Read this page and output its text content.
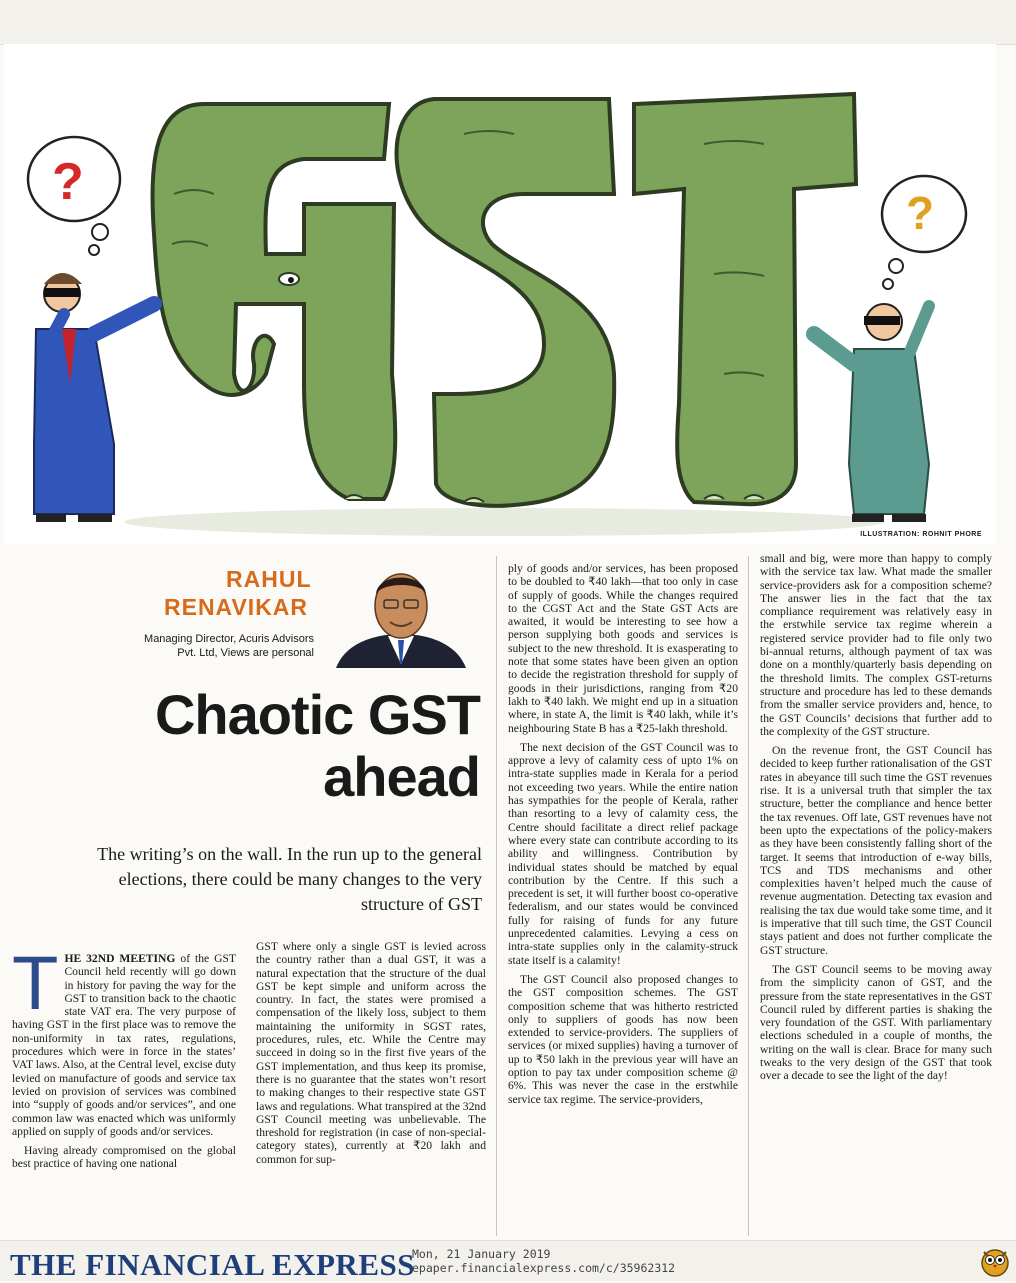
?
?
ILLUSTRATION: ROHNIT PHORE
RAHUL
RENAVIKAR
Managing Director, Acuris Advisors
Pvt. Ltd, Views are personal
Chaotic GST
ahead
The writing’s on the wall. In the run up to the general elections, there could be many changes to the very structure of GST

THE 32ND MEETING of the GST Council held recently will go down in history for paving the way for the GST to transition back to the chaotic state VAT era. The very purpose of having GST in the first place was to remove the non-uniformity in tax rates, regulations, procedures which were in force in the states’ VAT laws. Also, at the Central level, excise duty levied on manufacture of goods and service tax levied on provision of services was combined into “supply of goods and/or services”, and one common law was enacted which was uniformly applied on supply of goods and/or services.

Having already compromised on the global best practice of having one national

GST where only a single GST is levied across the country rather than a dual GST, it was a natural expectation that the structure of the dual GST be kept simple and uniform across the country. In fact, the states were promised a compensation of the likely loss, subject to them maintaining the uniformity in SGST rates, procedures, rules, etc. While the Centre may succeed in doing so in the first five years of the GST implementation, and thus keep its promise, there is no guarantee that the states won’t resort to making changes to their respective state GST laws and regulations. What transpired at the 32nd GST Council meeting was unbelievable. The threshold for registration (in case of non-special-category states), currently at ₹20 lakh and common for sup-

ply of goods and/or services, has been proposed to be doubled to ₹40 lakh—that too only in case of supply of goods. While the changes required to the CGST Act and the State GST Acts are awaited, it would be interesting to see how a person supplying both goods and services is subject to the new threshold. It is exasperating to note that some states have been given an option to decide the registration threshold for supply of goods in their jurisdictions, ranging from ₹20 lakh to ₹40 lakh. We might end up in a situation where, in state A, the limit is ₹40 lakh, while it’s neighbouring State B has a ₹25-lakh threshold.

The next decision of the GST Council was to approve a levy of calamity cess of upto 1% on intra-state supplies made in Kerala for a period not exceeding two years. While the entire nation has sympathies for the people of Kerala, rather than resorting to a levy of calamity cess, the Centre should facilitate a direct relief package where every state can contribute according to its ability and willingness. Contribution by individual states should be matched by equal contribution by the Centre. If this such a precedent is set, it will further boost co-operative federalism, and our states would be convinced fully for raising of funds for any future unprecedented calamities. Levying a cess on intra-state supplies only in the calamity-struck state itself is a calamity!

The GST Council also proposed changes to the GST composition schemes. The GST composition scheme that was hitherto restricted only to suppliers of goods has now been extended to service-providers. The suppliers of services (or mixed supplies) having a turnover of up to ₹50 lakh in the previous year will have an option to pay tax under composition scheme @ 6%. This was never the case in the erstwhile service tax regime. The service-providers,

small and big, were more than happy to comply with the service tax law. What made the smaller service-providers ask for a composition scheme? The answer lies in the fact that the tax compliance requirement was relatively easy in the erstwhile service tax regime wherein a registered service provider had to file only two bi-annual returns, although payment of tax was done on a monthly/quarterly basis depending on the threshold limits. The complex GST-returns structure and procedure has led to these demands from the smaller service providers and, hence, to the GST Councils’ decisions that further add to the complexity of the GST structure.

On the revenue front, the GST Council has decided to keep further rationalisation of the GST rates in abeyance till such time the GST revenues rise. It is a universal truth that simpler the tax structure, better the compliance and hence better the tax revenues. Off late, GST revenues have not been upto the expectations of the policy-makers as they have been consistently falling short of the target. It seems that introduction of e-way bills, TCS and TDS mechanisms and other complexities haven’t helped much the cause of revenue augmentation. Detecting tax evasion and realising the tax due would take some time, and it is imperative that till such time, the GST Council stays patient and does not further complicate the GST structure.

The GST Council seems to be moving away from the simplicity canon of GST, and the pressure from the state representatives in the GST Council ruled by different parties is shaking the very foundation of the GST. With parliamentary elections scheduled in a couple of months, the writing on the wall is clear. Brace for many such tweaks to the very design of the GST that took over a decade to see the light of the day!

THE FINANCIAL EXPRESS
Mon, 21 January 2019
epaper.financialexpress.com/c/35962312
